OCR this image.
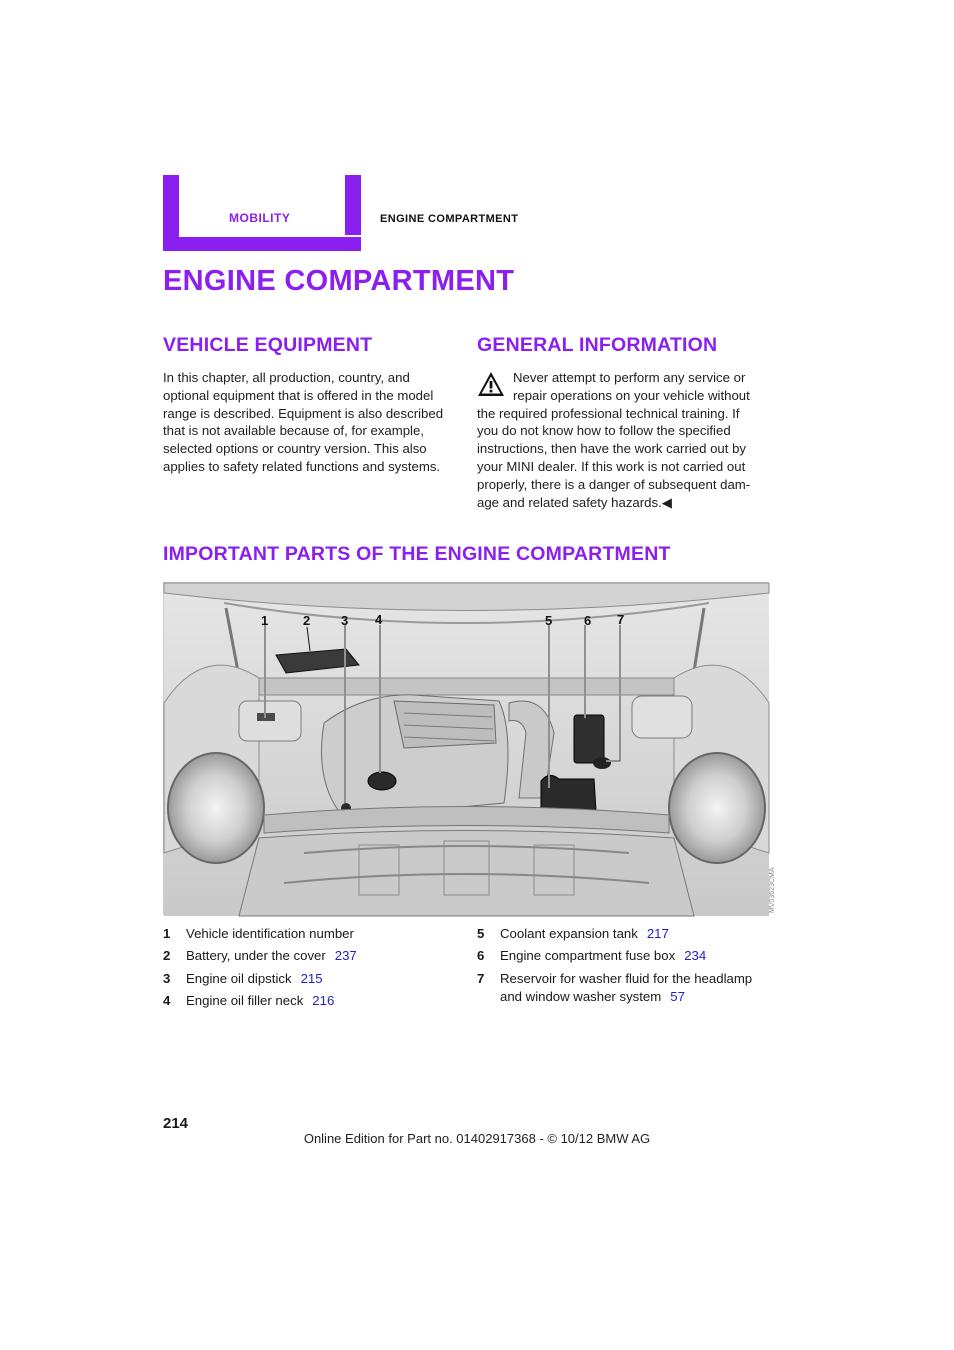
MOBILITY	ENGINE COMPARTMENT
ENGINE COMPARTMENT
VEHICLE EQUIPMENT
In this chapter, all production, country, and
optional equipment that is offered in the model
range is described. Equipment is also described
that is not available because of, for example,
selected options or country version. This also
applies to safety related functions and systems.
GENERAL INFORMATION
Never attempt to perform any service or
repair operations on your vehicle without
the required professional technical training. If
you do not know how to follow the specified
instructions, then have the work carried out by
your MINI dealer. If this work is not carried out
properly, there is a danger of subsequent dam-
age and related safety hazards.◀
IMPORTANT PARTS OF THE ENGINE COMPARTMENT
1	2 3 4	5 6 7
MV03623CMA
1	Vehicle identification number
2	Battery, under the cover 237
3	Engine oil dipstick 215
4	Engine oil filler neck 216
5	Coolant expansion tank 217
6	Engine compartment fuse box 234
7	Reservoir for washer fluid for the headlamp and window washer system 57
214
Online Edition for Part no. 01402917368 - © 10/12 BMW AG
